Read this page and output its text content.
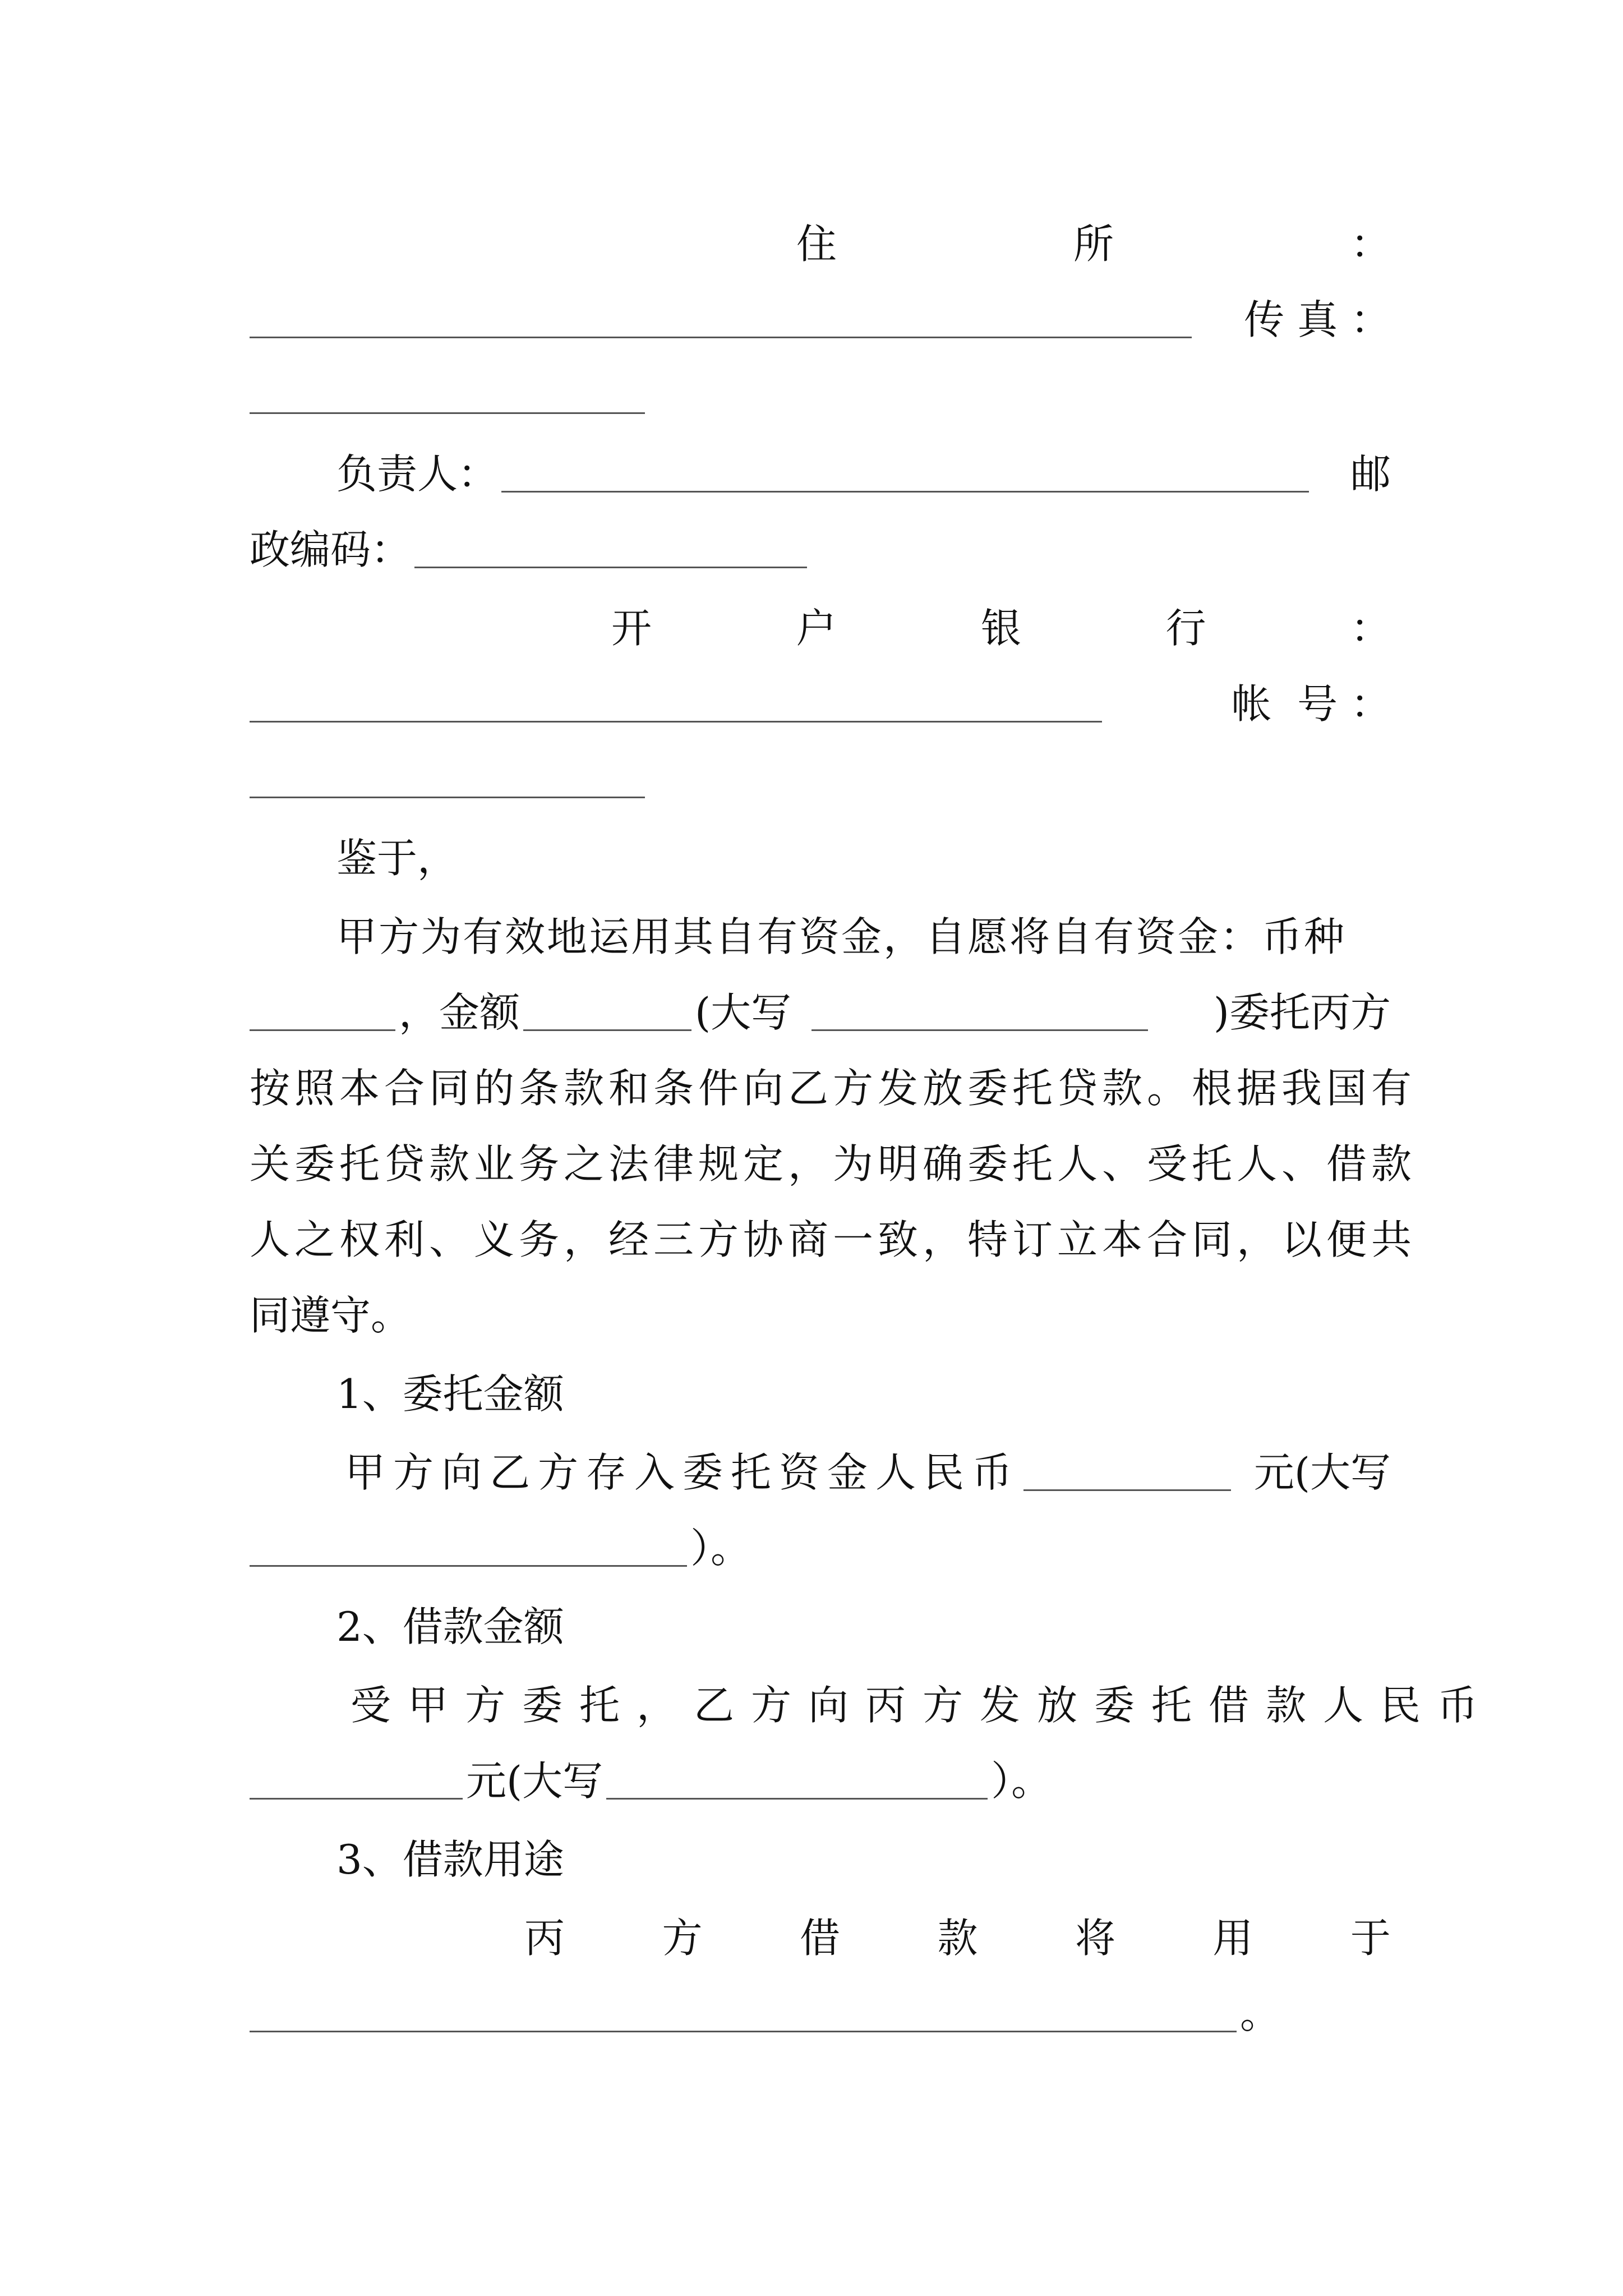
住	所	：
传 真 ：
负责人：	邮
政编码：
开	户	银	行	：
帐  号 ：
鉴于，
甲方为有效地运用其自有资金，自愿将自有资金：币种
，金额	(大写	)委托丙方
按照本合同的条款和条件向乙方发放委托贷款。根据我国有
关委托贷款业务之法律规定，为明确委托人、受托人、借款
人之权利、义务，经三方协商一致，特订立本合同，以便共
同遵守。
1、委托金额
甲方向乙方存入委托资金人民币	元(大写
）。
2、借款金额
受甲方委托，乙方向丙方发放委托借款人民币
元(大写	）。
3、借款用途
丙 方 借 款 将 用 于
。
